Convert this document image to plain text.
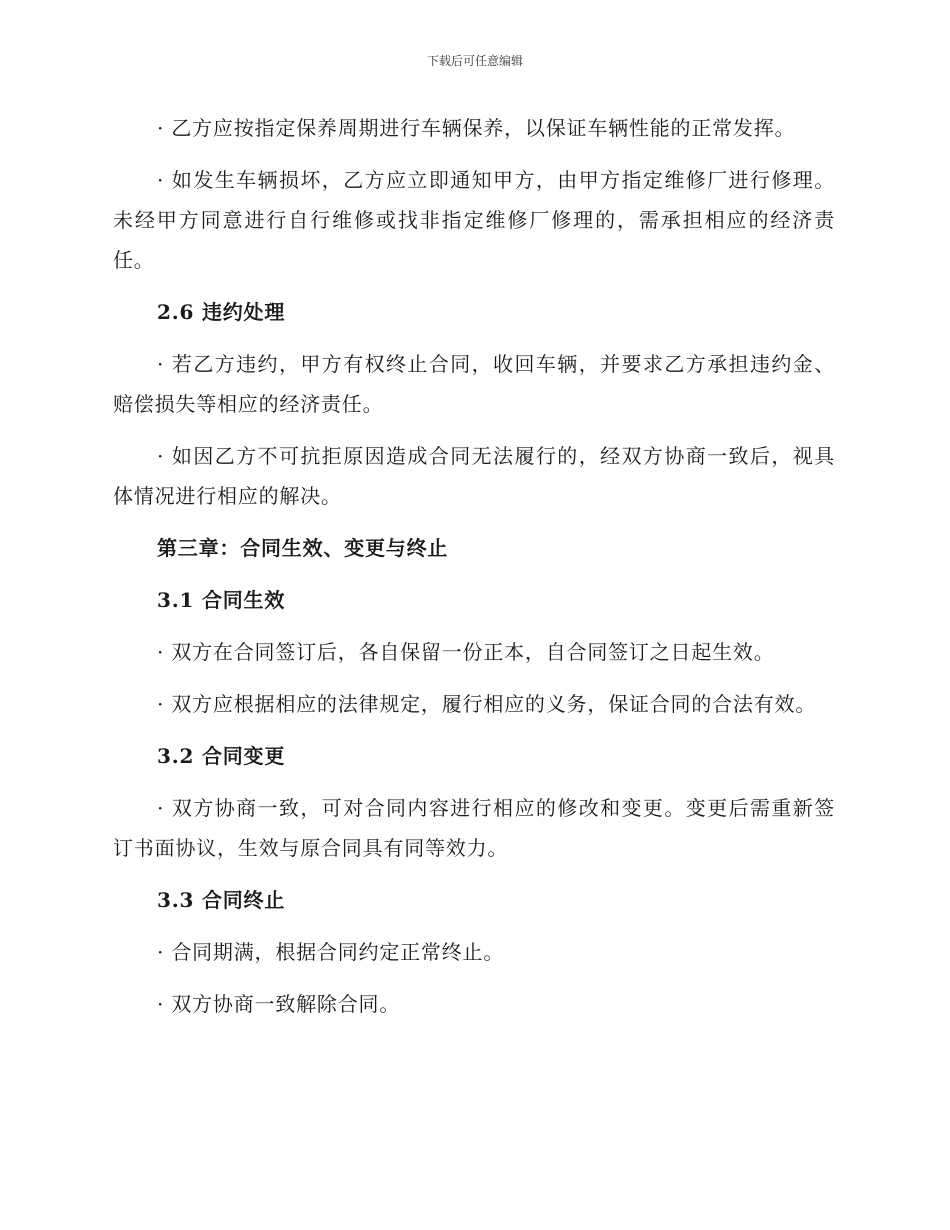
下载后可任意编辑

· 乙方应按指定保养周期进行车辆保养，以保证车辆性能的正常发挥。

· 如发生车辆损坏，乙方应立即通知甲方，由甲方指定维修厂进行修理。未经甲方同意进行自行维修或找非指定维修厂修理的，需承担相应的经济责任。

2.6 违约处理

· 若乙方违约，甲方有权终止合同，收回车辆，并要求乙方承担违约金、赔偿损失等相应的经济责任。

· 如因乙方不可抗拒原因造成合同无法履行的，经双方协商一致后，视具体情况进行相应的解决。

第三章：合同生效、变更与终止

3.1 合同生效

· 双方在合同签订后，各自保留一份正本，自合同签订之日起生效。

· 双方应根据相应的法律规定，履行相应的义务，保证合同的合法有效。

3.2 合同变更

· 双方协商一致，可对合同内容进行相应的修改和变更。变更后需重新签订书面协议，生效与原合同具有同等效力。

3.3 合同终止

· 合同期满，根据合同约定正常终止。

· 双方协商一致解除合同。
